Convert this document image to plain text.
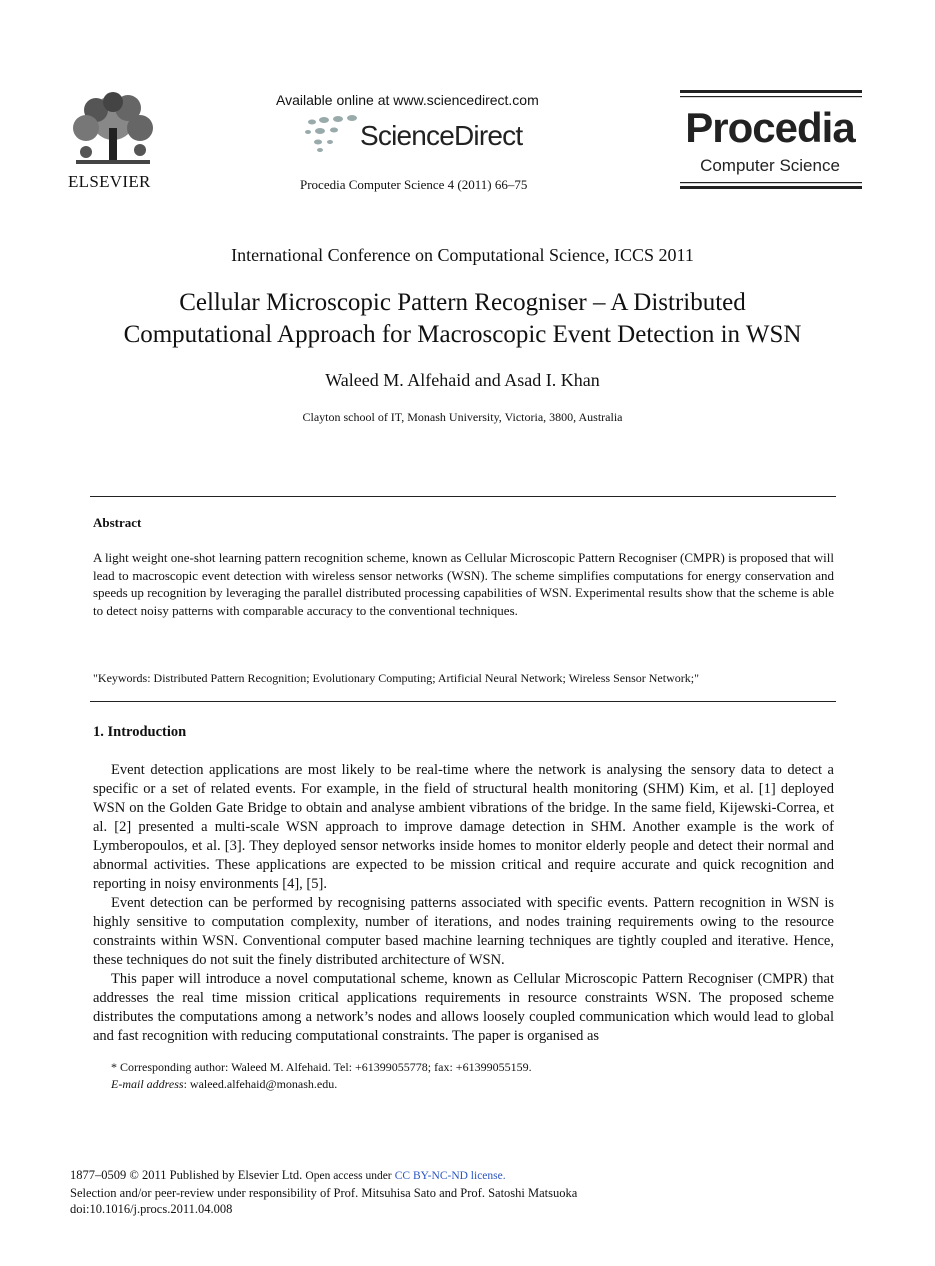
ELSEVIER
Available online at www.sciencedirect.com
ScienceDirect
Procedia Computer Science 4 (2011) 66–75
Procedia
Computer Science
International Conference on Computational Science, ICCS 2011
Cellular Microscopic Pattern Recogniser – A Distributed
Computational Approach for Macroscopic Event Detection in WSN
Waleed M. Alfehaid and Asad I. Khan
Clayton school of IT, Monash University, Victoria, 3800, Australia
Abstract
A light weight one-shot learning pattern recognition scheme, known as Cellular Microscopic Pattern Recogniser (CMPR) is proposed that will lead to macroscopic event detection with wireless sensor networks (WSN). The scheme simplifies computations for energy conservation and speeds up recognition by leveraging the parallel distributed processing capabilities of WSN. Experimental results show that the scheme is able to detect noisy patterns with comparable accuracy to the conventional techniques.
"Keywords: Distributed Pattern Recognition; Evolutionary Computing; Artificial Neural Network; Wireless Sensor Network;"
1. Introduction

Event detection applications are most likely to be real-time where the network is analysing the sensory data to detect a specific or a set of related events. For example, in the field of structural health monitoring (SHM) Kim, et al. [1] deployed WSN on the Golden Gate Bridge to obtain and analyse ambient vibrations of the bridge. In the same field, Kijewski-Correa, et al. [2] presented a multi-scale WSN approach to improve damage detection in SHM. Another example is the work of Lymberopoulos, et al. [3]. They deployed sensor networks inside homes to monitor elderly people and detect their normal and abnormal activities. These applications are expected to be mission critical and require accurate and quick recognition and reporting in noisy environments [4], [5].

Event detection can be performed by recognising patterns associated with specific events. Pattern recognition in WSN is highly sensitive to computation complexity, number of iterations, and nodes training requirements owing to the resource constraints within WSN. Conventional computer based machine learning techniques are tightly coupled and iterative. Hence, these techniques do not suit the finely distributed architecture of WSN.

This paper will introduce a novel computational scheme, known as Cellular Microscopic Pattern Recogniser (CMPR) that addresses the real time mission critical applications requirements in resource constraints WSN. The proposed scheme distributes the computations among a network’s nodes and allows loosely coupled communication which would lead to global and fast recognition with reducing computational constraints. The paper is organised as

* Corresponding author: Waleed M. Alfehaid. Tel: +61399055778; fax: +61399055159.
E-mail address: waleed.alfehaid@monash.edu.
1877–0509 © 2011 Published by Elsevier Ltd. Open access under CC BY-NC-ND license.
Selection and/or peer-review under responsibility of Prof. Mitsuhisa Sato and Prof. Satoshi Matsuoka
doi:10.1016/j.procs.2011.04.008
